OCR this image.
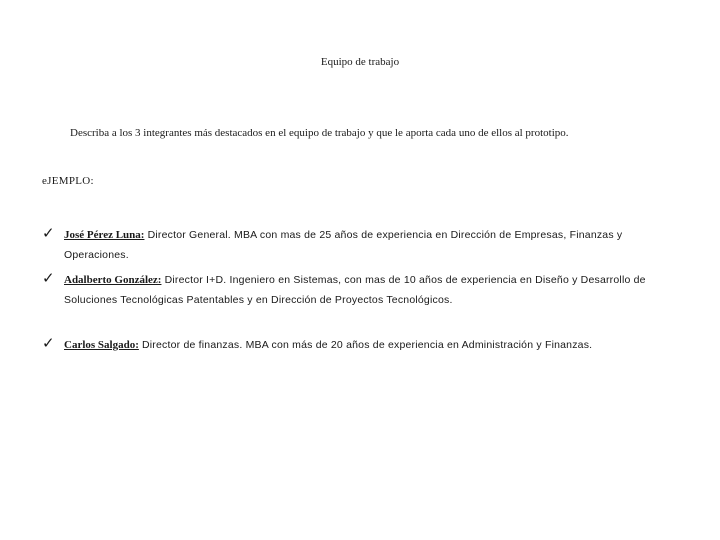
Equipo de trabajo
Describa a los 3 integrantes más destacados en el equipo de trabajo y que le aporta cada uno de ellos al prototipo.
eJEMPLO:
✓ José Pérez Luna: Director General. MBA con mas de 25 años de experiencia en Dirección de Empresas, Finanzas y Operaciones.
✓ Adalberto González: Director I+D. Ingeniero en Sistemas, con mas de 10 años de experiencia en Diseño y Desarrollo de Soluciones Tecnológicas Patentables y en Dirección de Proyectos Tecnológicos.
✓ Carlos Salgado: Director de finanzas. MBA con más de 20 años de experiencia en Administración y Finanzas.
